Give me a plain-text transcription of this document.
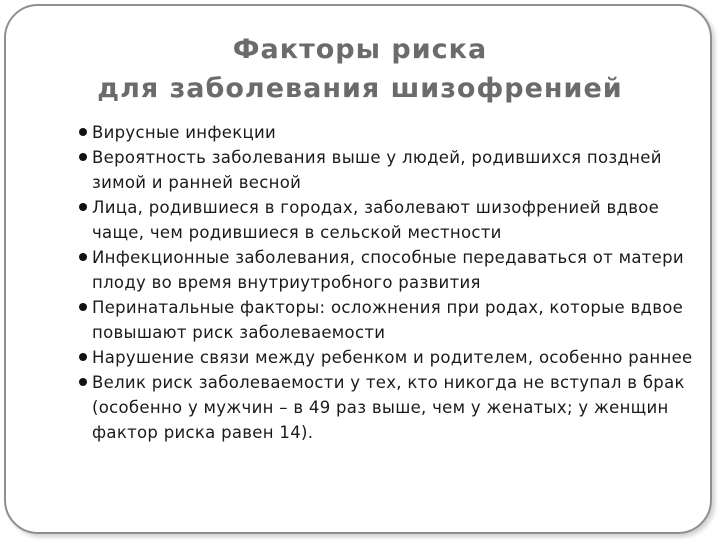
Факторы риска
для заболевания шизофренией
Вирусные инфекции
Вероятность заболевания выше у людей, родившихся поздней зимой и ранней весной
Лица, родившиеся в городах, заболевают шизофренией вдвое чаще, чем родившиеся в сельской местности
Инфекционные заболевания, способные передаваться от матери плоду во время внутриутробного развития
Перинатальные факторы: осложнения при родах, которые вдвое повышают риск заболеваемости
Нарушение связи между ребенком и родителем, особенно раннее
Велик риск заболеваемости у тех, кто никогда не вступал в брак (особенно у мужчин – в 49 раз выше, чем у женатых; у женщин фактор риска равен 14).
